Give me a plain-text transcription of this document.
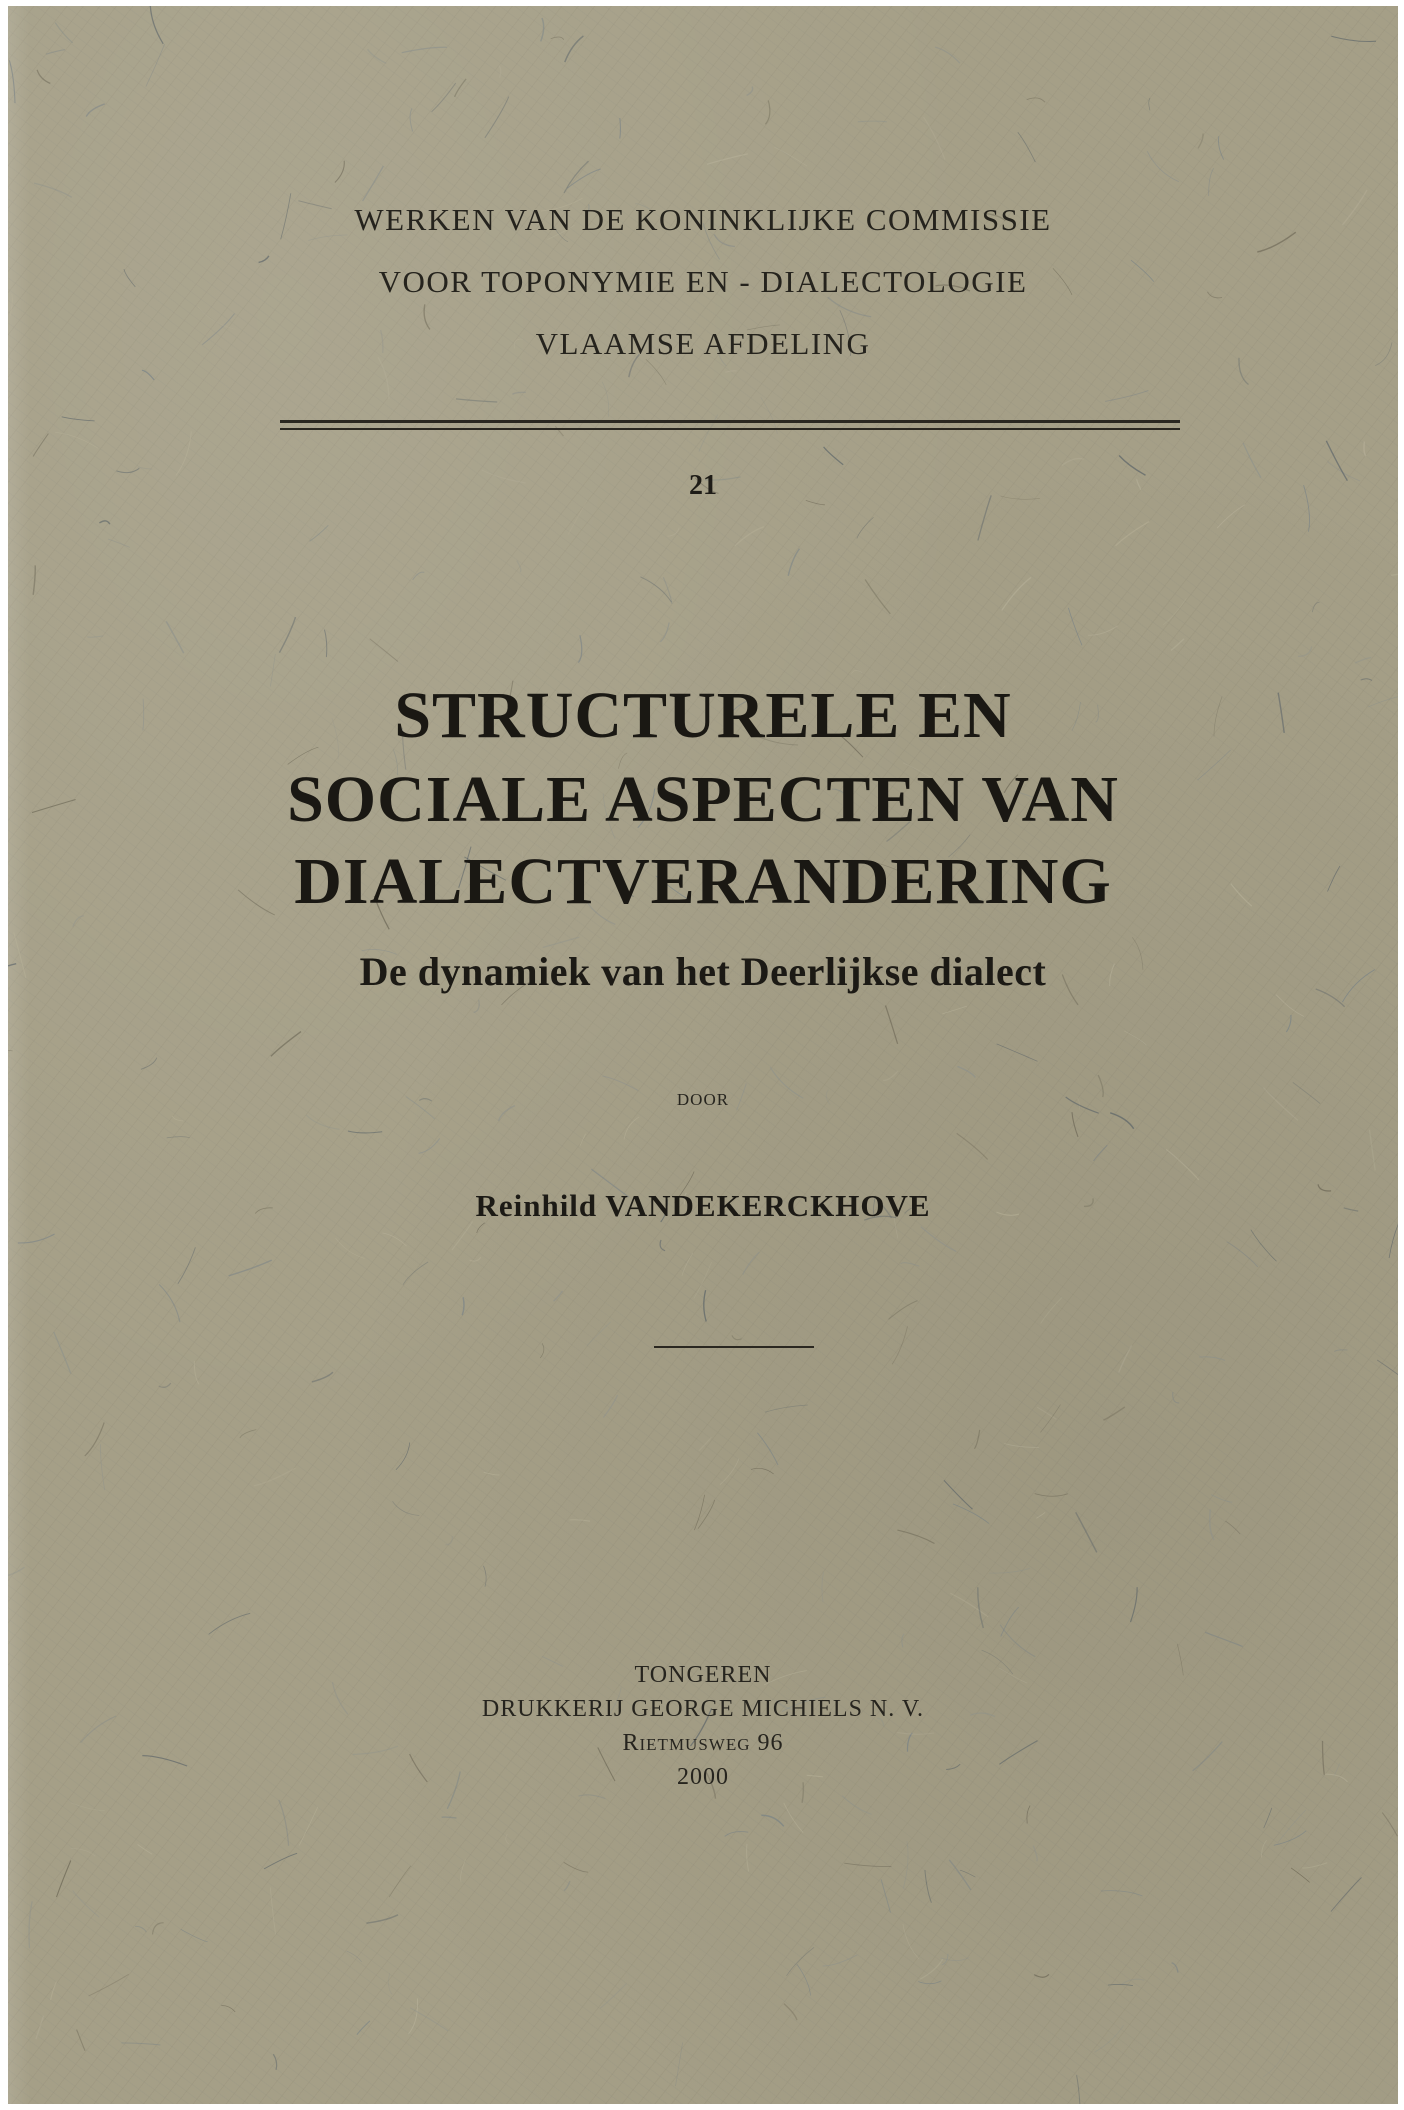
WERKEN VAN DE KONINKLIJKE COMMISSIE
VOOR TOPONYMIE EN - DIALECTOLOGIE
VLAAMSE AFDELING
21
STRUCTURELE EN
SOCIALE ASPECTEN VAN
DIALECTVERANDERING
De dynamiek van het Deerlijkse dialect
DOOR
Reinhild VANDEKERCKHOVE
TONGEREN
DRUKKERIJ GEORGE MICHIELS N. V.
Rietmusweg 96
2000
